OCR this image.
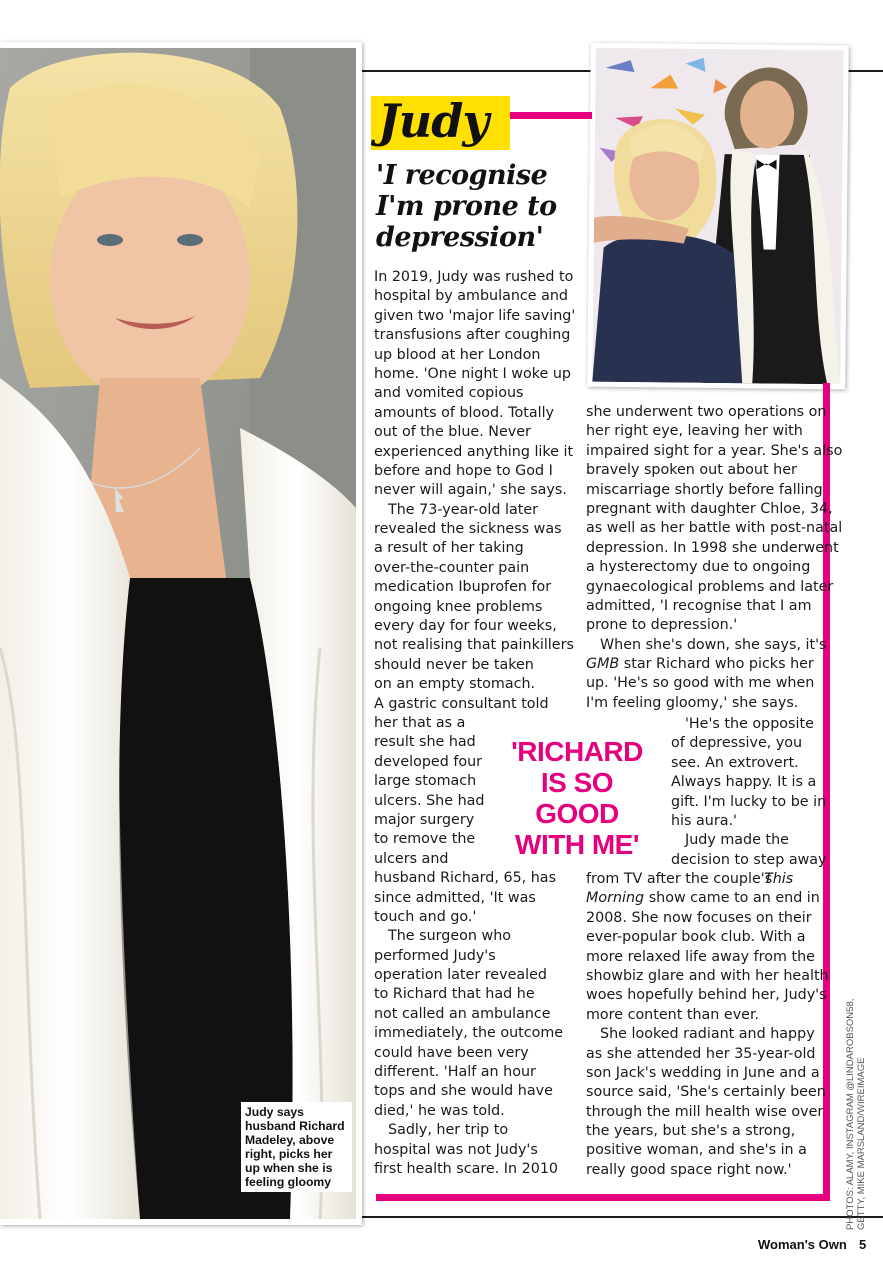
Judy says
husband Richard
Madeley, above
right, picks her
up when she is
feeling gloomy
Judy
'I recognise
I'm prone to
depression'
In 2019, Judy was rushed to
hospital by ambulance and
given two 'major life saving'
transfusions after coughing
up blood at her London
home. 'One night I woke up
and vomited copious
amounts of blood. Totally
out of the blue. Never
experienced anything like it
before and hope to God I
never will again,' she says.
The 73-year-old later
revealed the sickness was
a result of her taking
over-the-counter pain
medication Ibuprofen for
ongoing knee problems
every day for four weeks,
not realising that painkillers
should never be taken
on an empty stomach.
A gastric consultant told
her that as a
result she had
developed four
large stomach
ulcers. She had
major surgery
to remove the
ulcers and
husband Richard, 65, has
since admitted, 'It was
touch and go.'
The surgeon who
performed Judy's
operation later revealed
to Richard that had he
not called an ambulance
immediately, the outcome
could have been very
different. 'Half an hour
tops and she would have
died,' he was told.
Sadly, her trip to
hospital was not Judy's
first health scare. In 2010
she underwent two operations on
her right eye, leaving her with
impaired sight for a year. She's also
bravely spoken out about her
miscarriage shortly before falling
pregnant with daughter Chloe, 34,
as well as her battle with post-natal
depression. In 1998 she underwent
a hysterectomy due to ongoing
gynaecological problems and later
admitted, 'I recognise that I am
prone to depression.'
When she's down, she says, it's
GMB star Richard who picks her
up. 'He's so good with me when
I'm feeling gloomy,' she says.
'He's the opposite
of depressive, you
see. An extrovert.
Always happy. It is a
gift. I'm lucky to be in
his aura.'
Judy made the
decision to step away
'RICHARD
IS SO
GOOD
WITH ME'
from TV after the couple's
Morning show came to an end in
2008. She now focuses on their
ever-popular book club. With a
more relaxed life away from the
showbiz glare and with her health
woes hopefully behind her, Judy's
more content than ever.
She looked radiant and happy
as she attended her 35-year-old
son Jack's wedding in June and a
source said, 'She's certainly been
through the mill health wise over
the years, but she's a strong,
positive woman, and she's in a
really good space right now.'
This
PHOTOS: ALAMY, INSTAGRAM @LINDAROBSON58, GETTY, MIKE MARSLAND/WIREIMAGE
Woman's Own 5
